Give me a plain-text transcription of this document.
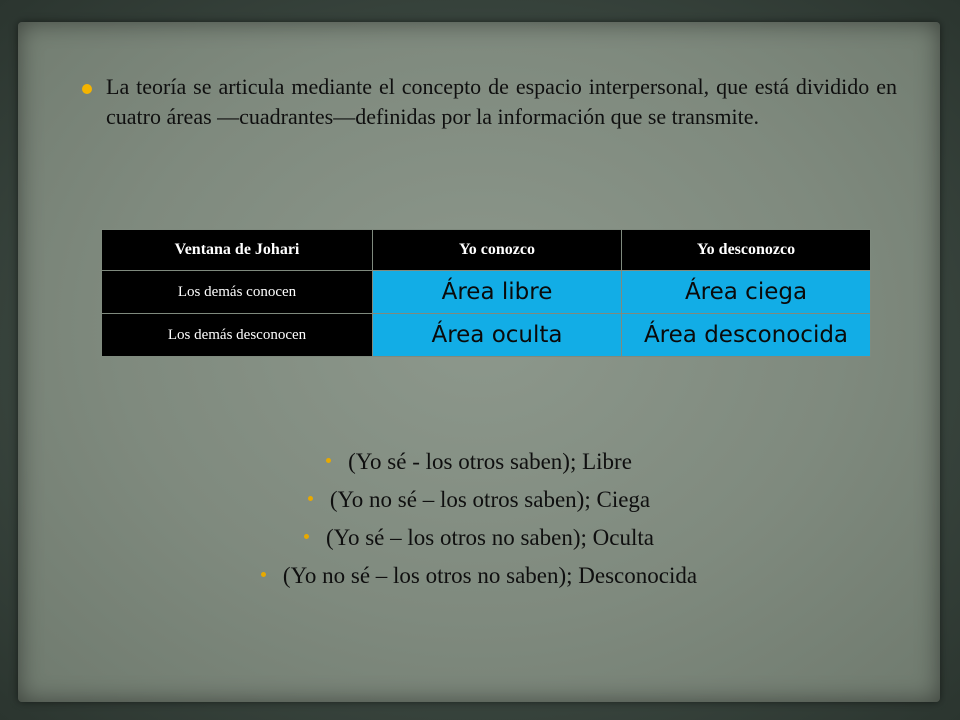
La teoría se articula mediante el concepto de espacio interpersonal, que está dividido en cuatro áreas —cuadrantes—definidas por la información que se transmite.
Ventana de Johari	Yo conozco	Yo desconozco
Los demás conocen	Área libre	Área ciega
Los demás desconocen	Área oculta	Área desconocida
(Yo sé - los otros saben); Libre
(Yo no sé – los otros saben); Ciega
(Yo sé – los otros no saben); Oculta
(Yo no sé – los otros no saben); Desconocida
